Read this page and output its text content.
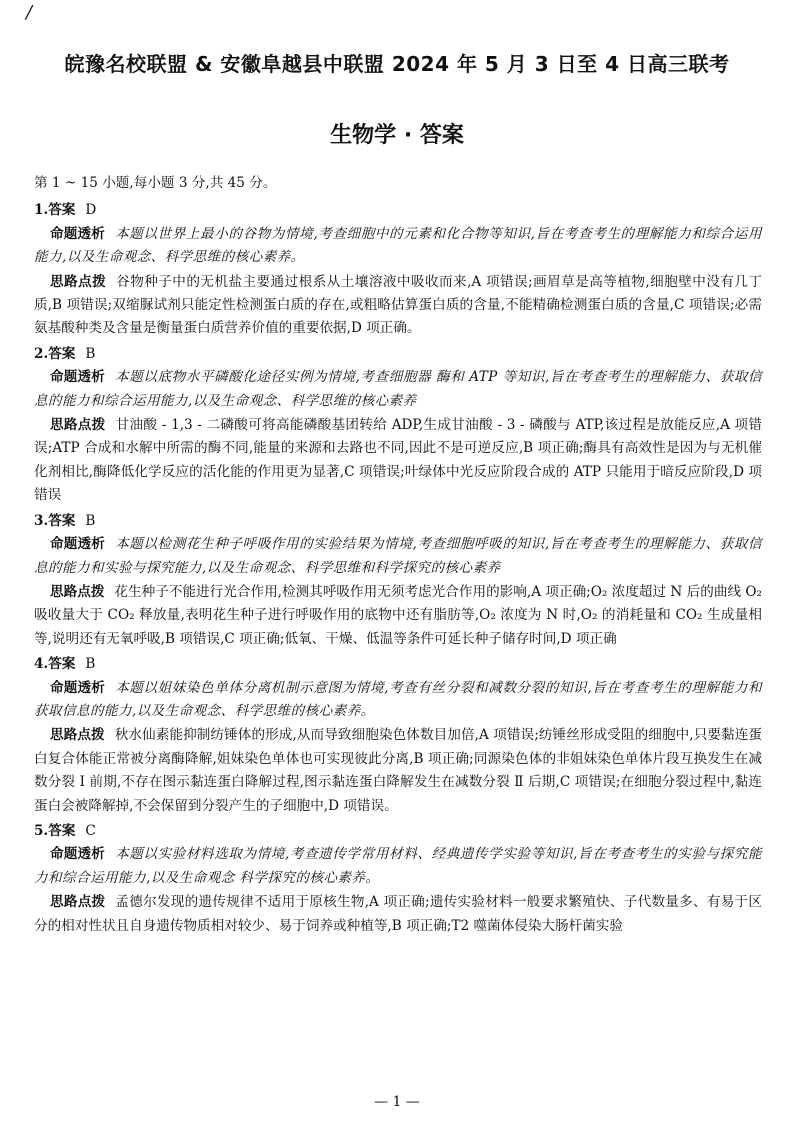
/
皖豫名校联盟 & 安徽阜越县中联盟 2024 年 5 月 3 日至 4 日高三联考
生物学 · 答案
第 1 ~ 15 小题,每小题 3 分,共 45 分。
1.答案 D

命题透析 本题以世界上最小的谷物为情境,考查细胞中的元素和化合物等知识,旨在考查考生的理解能力和综合运用能力,以及生命观念、科学思维的核心素养。

思路点拨 谷物种子中的无机盐主要通过根系从土壤溶液中吸收而来,A 项错误;画眉草是高等植物,细胞壁中没有几丁质,B 项错误;双缩脲试剂只能定性检测蛋白质的存在,或粗略估算蛋白质的含量,不能精确检测蛋白质的含量,C 项错误;必需氨基酸种类及含量是衡量蛋白质营养价值的重要依据,D 项正确。

2.答案 B

命题透析 本题以底物水平磷酸化途径实例为情境,考查细胞器 酶和 ATP 等知识,旨在考查考生的理解能力、获取信息的能力和综合运用能力,以及生命观念、科学思维的核心素养

思路点拨 甘油酸 - 1,3 - 二磷酸可将高能磷酸基团转给 ADP,生成甘油酸 - 3 - 磷酸与 ATP,该过程是放能反应,A 项错误;ATP 合成和水解中所需的酶不同,能量的来源和去路也不同,因此不是可逆反应,B 项正确;酶具有高效性是因为与无机催化剂相比,酶降低化学反应的活化能的作用更为显著,C 项错误;叶绿体中光反应阶段合成的 ATP 只能用于暗反应阶段,D 项错误

3.答案 B

命题透析 本题以检测花生种子呼吸作用的实验结果为情境,考查细胞呼吸的知识,旨在考查考生的理解能力、获取信息的能力和实验与探究能力,以及生命观念、科学思维和科学探究的核心素养

思路点拨 花生种子不能进行光合作用,检测其呼吸作用无须考虑光合作用的影响,A 项正确;O₂ 浓度超过 N 后的曲线 O₂ 吸收量大于 CO₂ 释放量,表明花生种子进行呼吸作用的底物中还有脂肪等,O₂ 浓度为 N 时,O₂ 的消耗量和 CO₂ 生成量相等,说明还有无氧呼吸,B 项错误,C 项正确;低氧、干燥、低温等条件可延长种子储存时间,D 项正确

4.答案 B

命题透析 本题以姐妹染色单体分离机制示意图为情境,考查有丝分裂和减数分裂的知识,旨在考查考生的理解能力和获取信息的能力,以及生命观念、科学思维的核心素养。

思路点拨 秋水仙素能抑制纺锤体的形成,从而导致细胞染色体数目加倍,A 项错误;纺锤丝形成受阻的细胞中,只要黏连蛋白复合体能正常被分离酶降解,姐妹染色单体也可实现彼此分离,B 项正确;同源染色体的非姐妹染色单体片段互换发生在减数分裂 Ⅰ 前期,不存在图示黏连蛋白降解过程,图示黏连蛋白降解发生在减数分裂 Ⅱ 后期,C 项错误;在细胞分裂过程中,黏连蛋白会被降解掉,不会保留到分裂产生的子细胞中,D 项错误。

5.答案 C

命题透析 本题以实验材料选取为情境,考查遗传学常用材料、经典遗传学实验等知识,旨在考查考生的实验与探究能力和综合运用能力,以及生命观念 科学探究的核心素养。

思路点拨 孟德尔发现的遗传规律不适用于原核生物,A 项正确;遗传实验材料一般要求繁殖快、子代数量多、有易于区分的相对性状且自身遗传物质相对较少、易于饲养或种植等,B 项正确;T2 噬菌体侵染大肠杆菌实验

— 1 —
